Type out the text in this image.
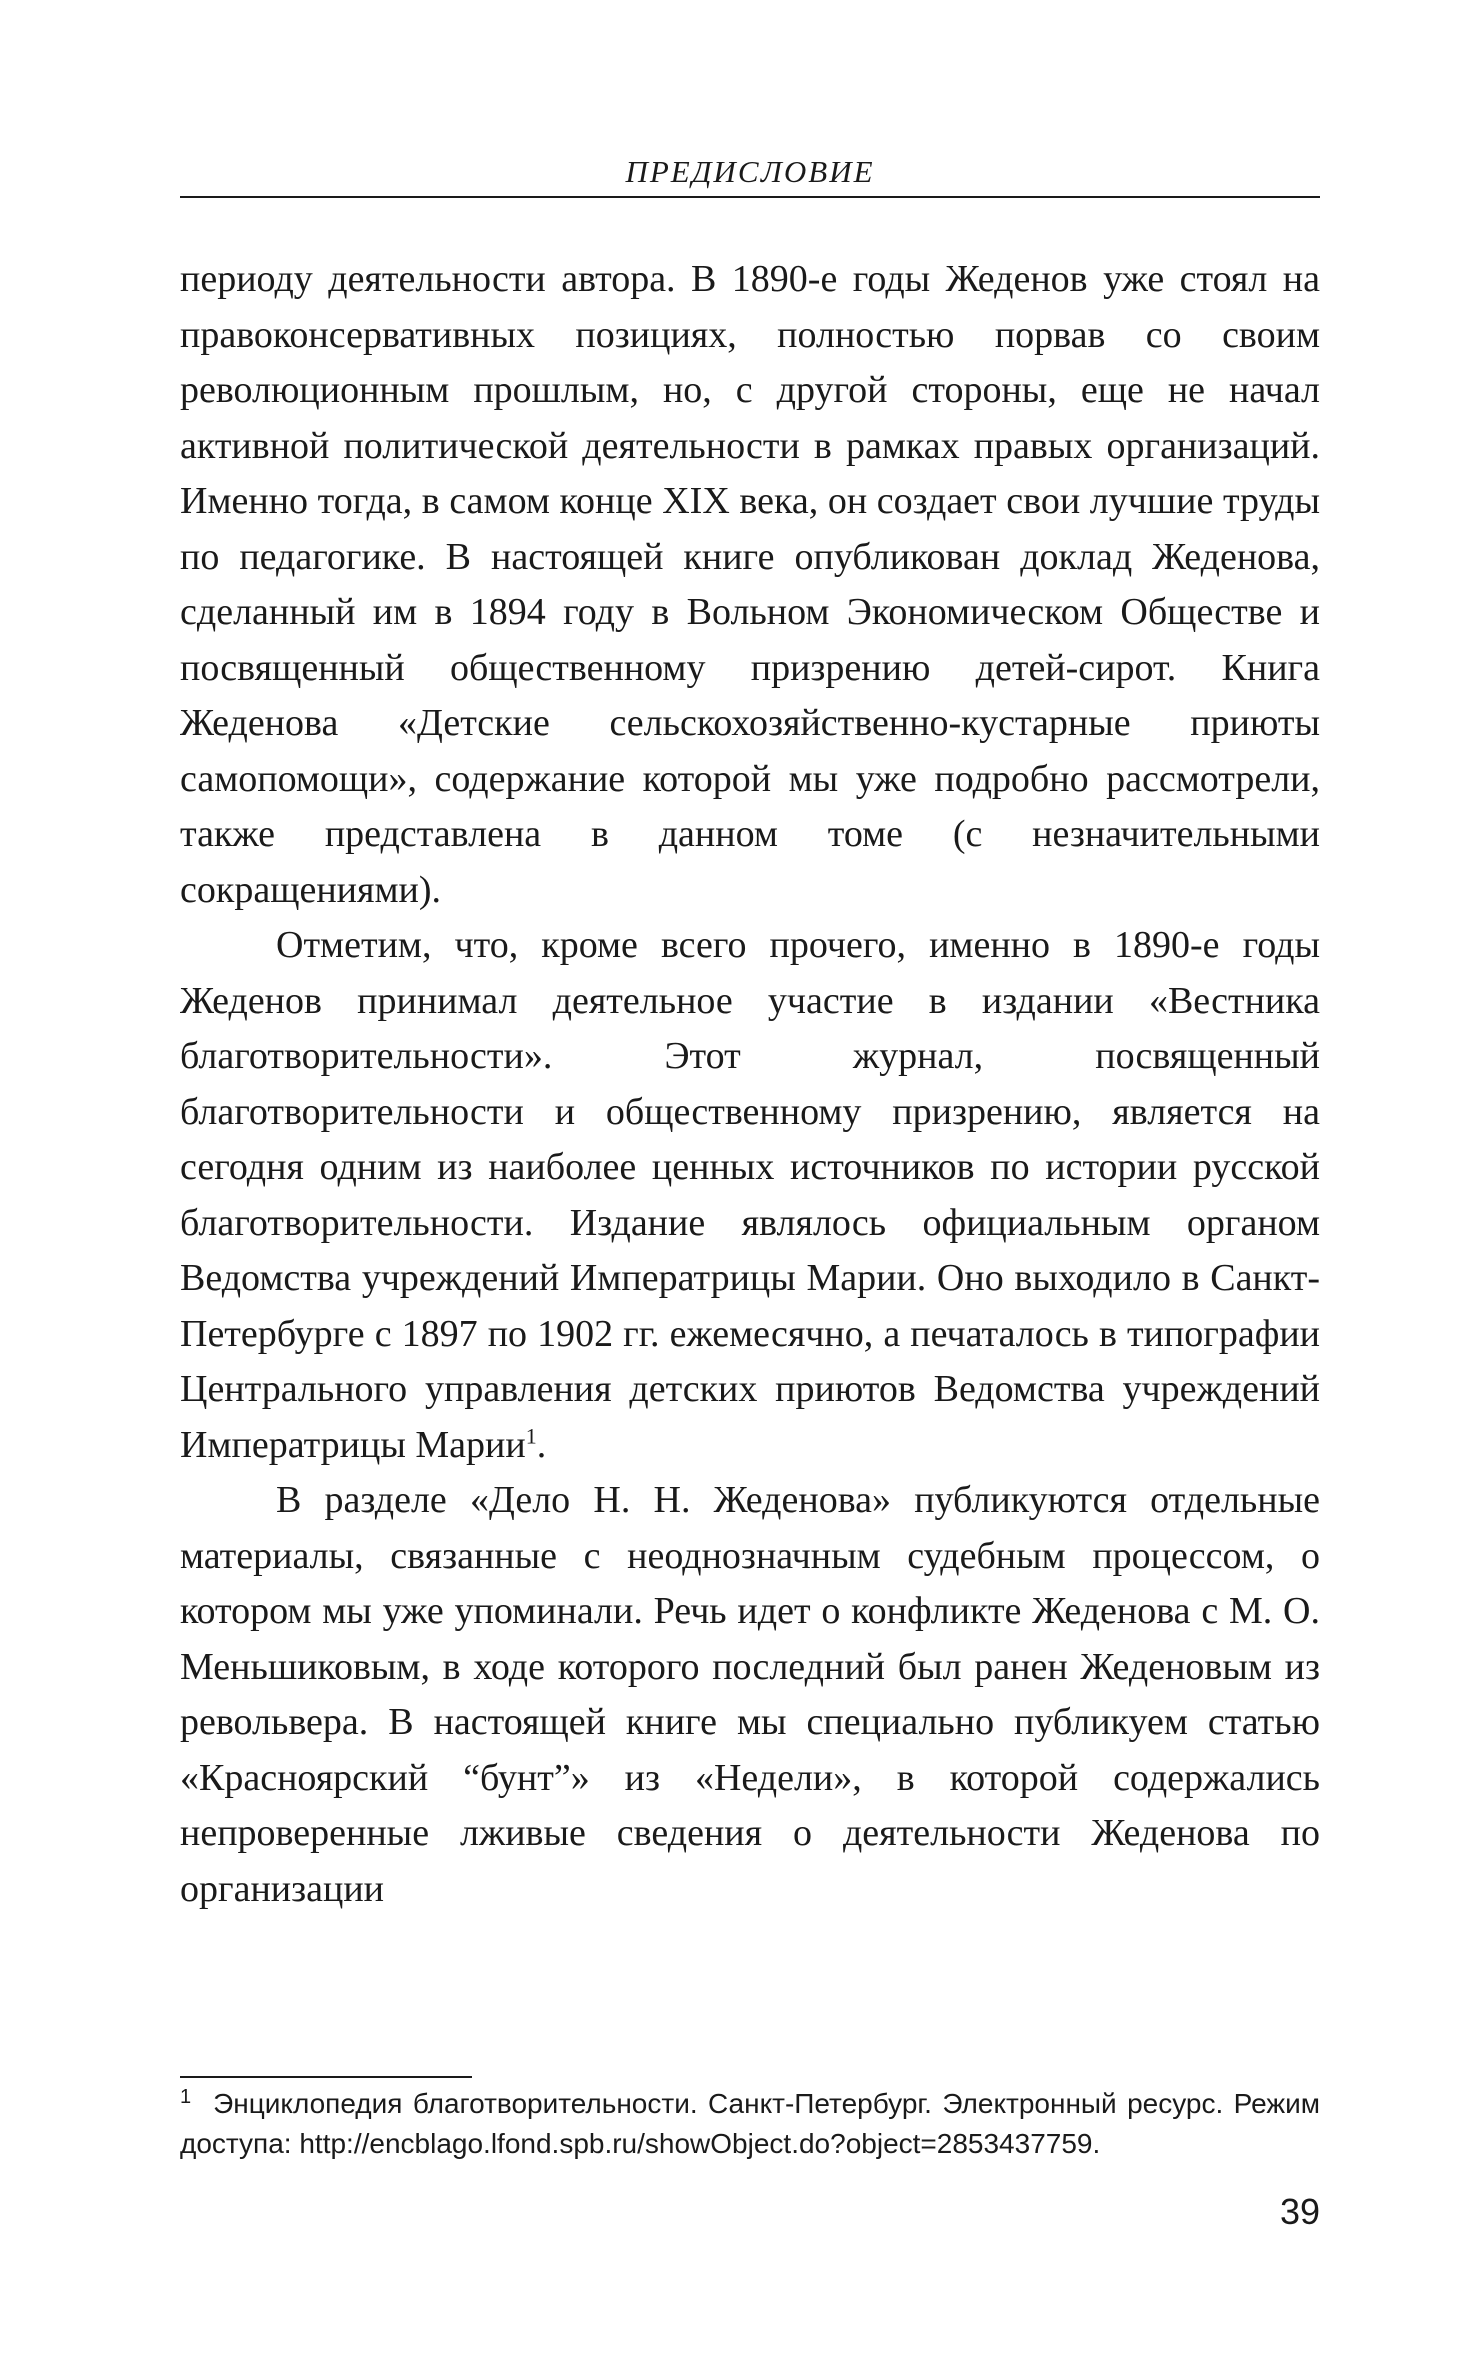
ПРЕДИСЛОВИЕ

периоду деятельности автора. В 1890-е годы Жеденов уже стоял на правоконсервативных позициях, полностью порвав со своим революционным прошлым, но, с другой стороны, еще не начал активной политической деятельности в рамках правых организаций. Именно тогда, в самом конце XIX века, он создает свои лучшие труды по педагогике. В настоящей книге опубликован доклад Жеденова, сделанный им в 1894 году в Вольном Экономическом Обществе и посвященный общественному призрению детей-сирот. Книга Жеденова «Детские сельскохозяйственно-кустарные приюты самопомощи», содержание которой мы уже подробно рассмотрели, также представлена в данном томе (с незначительными сокращениями).

Отметим, что, кроме всего прочего, именно в 1890-е годы Жеденов принимал деятельное участие в издании «Вестника благотворительности». Этот журнал, посвященный благотворительности и общественному призрению, является на сегодня одним из наиболее ценных источников по истории русской благотворительности. Издание являлось официальным органом Ведомства учреждений Императрицы Марии. Оно выходило в Санкт-Петербурге с 1897 по 1902 гг. ежемесячно, а печаталось в типографии Центрального управления детских приютов Ведомства учреждений Императрицы Марии$^1$.

В разделе «Дело Н. Н. Жеденова» публикуются отдельные материалы, связанные с неоднозначным судебным процессом, о котором мы уже упоминали. Речь идет о конфликте Жеденова с М. О. Меньшиковым, в ходе которого последний был ранен Жеденовым из револьвера. В настоящей книге мы специально публикуем статью «Красноярский “бунт”» из «Недели», в которой содержались непроверенные лживые сведения о деятельности Жеденова по организации

$^1$ Энциклопедия благотворительности. Санкт-Петербург. Электронный ресурс. Режим доступа: http://encblago.lfond.spb.ru/showObject.do?object=2853437759.

39
